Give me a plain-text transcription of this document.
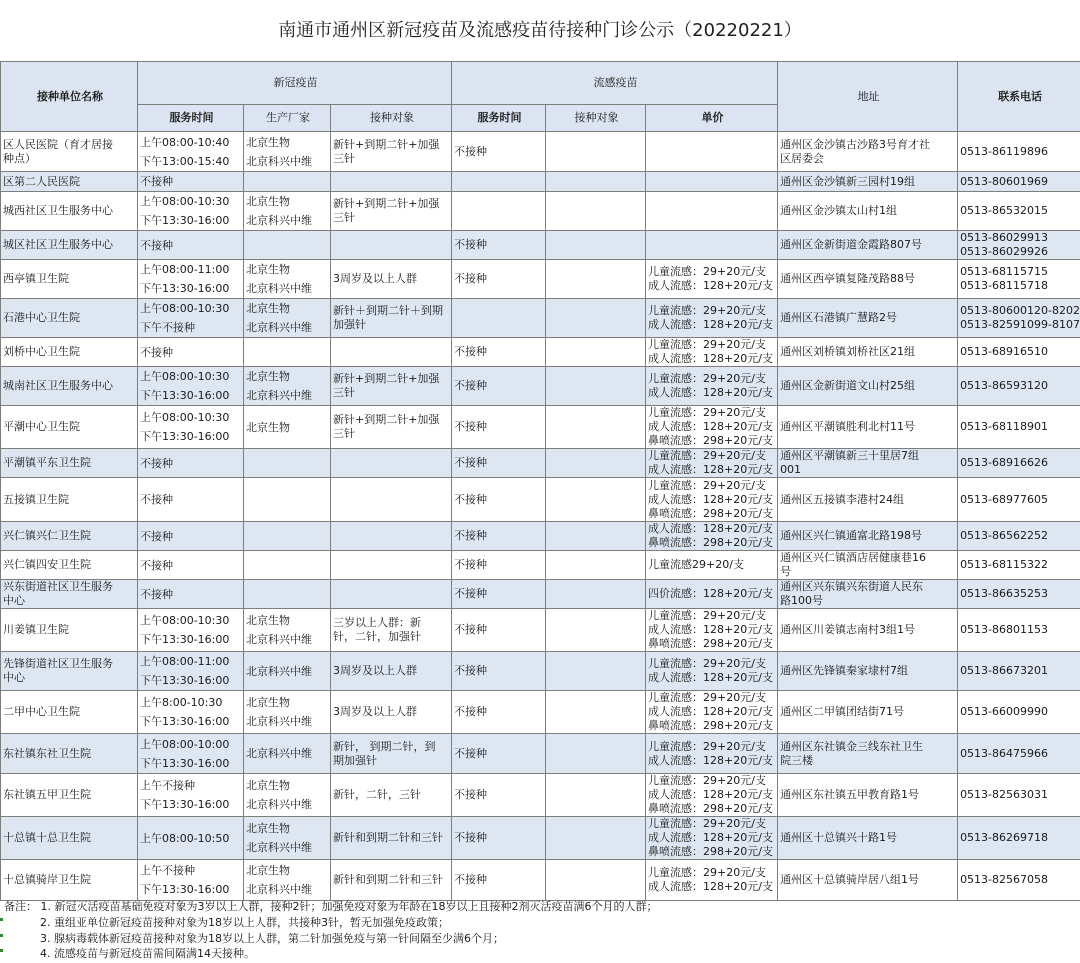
南通市通州区新冠疫苗及流感疫苗待接种门诊公示（20220221）
接种单位名称	新冠疫苗			流感疫苗			地址	联系电话
	服务时间	生产厂家	接种对象	服务时间	接种对象	单价		

区人民医院（育才居接
种点）	上午08:00-10:40
下午13:00-15:40	北京生物
北京科兴中维	新针+到期二针+加强
三针	不接种			通州区金沙镇古沙路3号育才社
区居委会	0513-86119896

区第二人民医院	不接种						通州区金沙镇新三园村19组	0513-80601969

城西社区卫生服务中心	上午08:00-10:30
下午13:30-16:00	北京生物
北京科兴中维	新针+到期二针+加强
三针				通州区金沙镇太山村1组	0513-86532015

城区社区卫生服务中心	不接种			不接种			通州区金新街道金霞路807号	0513-86029913
0513-86029926

西亭镇卫生院	上午08:00-11:00
下午13:30-16:00	北京生物
北京科兴中维	3周岁及以上人群	不接种		儿童流感：29+20元/支
成人流感：128+20元/支	通州区西亭镇复隆茂路88号	0513-68115715
0513-68115718

石港中心卫生院	上午08:00-10:30
下午不接种	北京生物
北京科兴中维	新针＋到期二针＋到期
加强针			儿童流感：29+20元/支
成人流感：128+20元/支	通州区石港镇广慧路2号	0513-80600120-8202
0513-82591099-8107

刘桥中心卫生院	不接种			不接种		儿童流感：29+20元/支
成人流感：128+20元/支	通州区刘桥镇刘桥社区21组	0513-68916510

城南社区卫生服务中心	上午08:00-10:30
下午13:30-16:00	北京生物
北京科兴中维	新针+到期二针+加强
三针	不接种		儿童流感：29+20元/支
成人流感：128+20元/支	通州区金新街道文山村25组	0513-86593120

平潮中心卫生院	上午08:00-10:30
下午13:30-16:00	北京生物	新针+到期二针+加强
三针	不接种		儿童流感：29+20元/支
成人流感：128+20元/支
鼻喷流感：298+20元/支	通州区平潮镇胜利北村11号	0513-68118901

平潮镇平东卫生院	不接种			不接种		儿童流感：29+20元/支
成人流感：128+20元/支	通州区平潮镇新三十里居7组
001	0513-68916626

五接镇卫生院	不接种			不接种		儿童流感：29+20元/支
成人流感：128+20元/支
鼻喷流感：298+20元/支	通州区五接镇李港村24组	0513-68977605

兴仁镇兴仁卫生院	不接种			不接种		成人流感：128+20元/支
鼻喷流感：298+20元/支	通州区兴仁镇通富北路198号	0513-86562252

兴仁镇四安卫生院	不接种			不接种		儿童流感29+20/支	通州区兴仁镇酒店居健康巷16
号	0513-68115322

兴东街道社区卫生服务
中心	不接种			不接种		四价流感：128+20元/支	通州区兴东镇兴东街道人民东
路100号	0513-86635253

川姜镇卫生院	上午08:00-10:30
下午13:30-16:00	北京生物
北京科兴中维	三岁以上人群：新
针，二针，加强针	不接种		儿童流感：29+20元/支
成人流感：128+20元/支
鼻喷流感：298+20元/支	通州区川姜镇志南村3组1号	0513-86801153

先锋街道社区卫生服务
中心	上午08:00-11:00
下午13:30-16:00	北京科兴中维	3周岁及以上人群	不接种		儿童流感：29+20元/支
成人流感：128+20元/支	通州区先锋镇秦家埭村7组	0513-86673201

二甲中心卫生院	上午8:00-10:30
下午13:30-16:00	北京生物
北京科兴中维	3周岁及以上人群	不接种		儿童流感：29+20元/支
成人流感：128+20元/支
鼻喷流感：298+20元/支	通州区二甲镇团结街71号	0513-66009990

东社镇东社卫生院	上午08:00-10:00
下午13:30-16:00	北京科兴中维	新针， 到期二针，到
期加强针	不接种		儿童流感：29+20元/支
成人流感：128+20元/支	通州区东社镇金三线东社卫生
院三楼	0513-86475966

东社镇五甲卫生院	上午不接种
下午13:30-16:00	北京生物
北京科兴中维	新针，二针，三针	不接种		儿童流感：29+20元/支
成人流感：128+20元/支
鼻喷流感：298+20元/支	通州区东社镇五甲教育路1号	0513-82563031

十总镇十总卫生院	上午08:00-10:50	北京生物
北京科兴中维	新针和到期二针和三针	不接种		儿童流感：29+20元/支
成人流感：128+20元/支
鼻喷流感：298+20元/支	通州区十总镇兴十路1号	0513-86269718

十总镇骑岸卫生院	上午不接种
下午13:30-16:00	北京生物
北京科兴中维	新针和到期二针和三针	不接种		儿童流感：29+20元/支
成人流感：128+20元/支	通州区十总镇骑岸居八组1号	0513-82567058
备注： 1. 新冠灭活疫苗基础免疫对象为3岁以上人群，接种2针；加强免疫对象为年龄在18岁以上且接种2剂灭活疫苗满6个月的人群；
2. 重组亚单位新冠疫苗接种对象为18岁以上人群，共接种3针，暂无加强免疫政策；
3. 腺病毒载体新冠疫苗接种对象为18岁以上人群，第二针加强免疫与第一针间隔至少满6个月；
4. 流感疫苗与新冠疫苗需间隔满14天接种。
